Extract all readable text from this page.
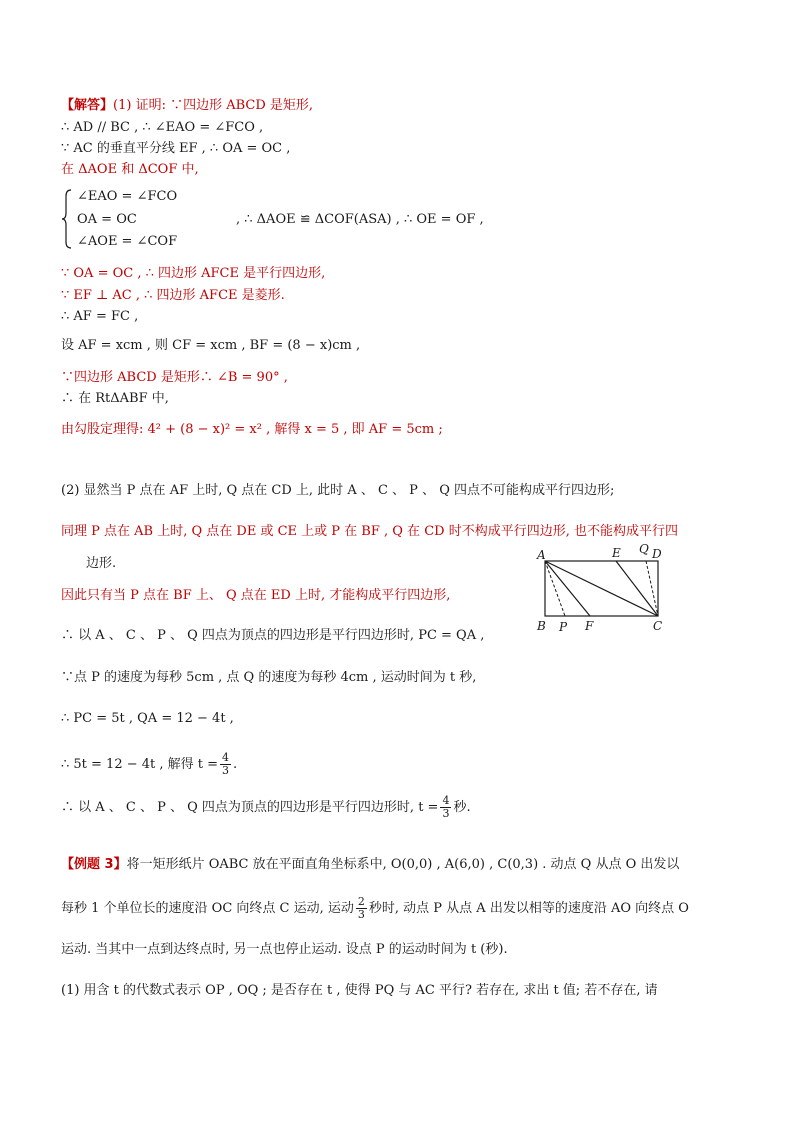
【解答】(1) 证明: ∵四边形 ABCD 是矩形,
∴ AD // BC , ∴ ∠EAO = ∠FCO ,
∵ AC 的垂直平分线 EF , ∴ OA = OC ,
在 ΔAOE 和 ΔCOF 中,
∠EAO = ∠FCO
OA = OC
∠AOE = ∠COF
, ∴ ΔAOE ≌ ΔCOF(ASA) , ∴ OE = OF ,
∵ OA = OC , ∴ 四边形 AFCE 是平行四边形,
∵ EF ⊥ AC , ∴ 四边形 AFCE 是菱形.
∴ AF = FC ,
设 AF = xcm , 则 CF = xcm , BF = (8 − x)cm ,
∵四边形 ABCD 是矩形∴ ∠B = 90° ,
∴ 在 RtΔABF 中,
由勾股定理得: 4² + (8 − x)² = x² , 解得 x = 5 , 即 AF = 5cm ;
(2) 显然当 P 点在 AF 上时, Q 点在 CD 上, 此时 A 、 C 、 P 、 Q 四点不可能构成平行四边形;
同理 P 点在 AB 上时, Q 点在 DE 或 CE 上或 P 在 BF , Q 在 CD 时不构成平行四边形, 也不能构成平行四
边形.
因此只有当 P 点在 BF 上、 Q 点在 ED 上时, 才能构成平行四边形,
∴ 以 A 、 C 、 P 、 Q 四点为顶点的四边形是平行四边形时, PC = QA ,
∵点 P 的速度为每秒 5cm , 点 Q 的速度为每秒 4cm , 运动时间为 t 秒,
∴ PC = 5t , QA = 12 − 4t ,
∴ 5t = 12 − 4t , 解得 $t = \frac{4}{3}$ .
∴ 以 A 、 C 、 P 、 Q 四点为顶点的四边形是平行四边形时, $t = \frac{4}{3}$ 秒.
A	E Q D
B P F	C
【例题 3】将一矩形纸片 OABC 放在平面直角坐标系中, O(0,0) , A(6,0) , C(0,3) . 动点 Q 从点 O 出发以
每秒 1 个单位长的速度沿 OC 向终点 C 运动, 运动 $\frac{2}{3}$ 秒时, 动点 P 从点 A 出发以相等的速度沿 AO 向终点 O
运动. 当其中一点到达终点时, 另一点也停止运动. 设点 P 的运动时间为 t (秒).
(1) 用含 t 的代数式表示 OP , OQ ; 是否存在 t , 使得 PQ 与 AC 平行? 若存在, 求出 t 值; 若不存在, 请
